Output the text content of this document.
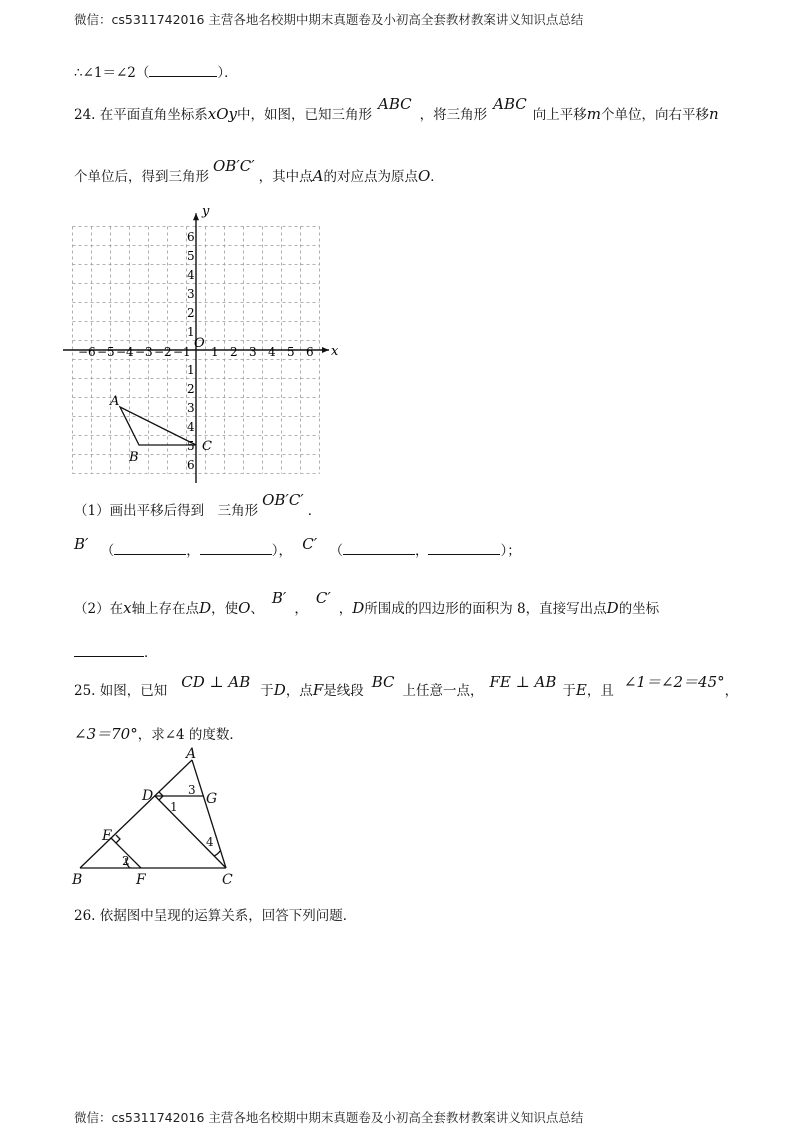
微信：cs5311742016 主营各地名校期中期末真题卷及小初高全套教材教案讲义知识点总结
∴∠1＝∠2（	）．
24. 在平面直角坐标系xOy中，如图，已知三角形ABC，将三角形ABC向上平移m个单位，向右平移n
个单位后，得到三角形OB′C′，其中点A的对应点为原点O．
−6 −5 −4 −3 −2 −1 1 2 3 4 5 6
6
5
4
3
2
1
1
2
3
4
5
6
A
B
C
O
x
y
（1）画出平移后得到　三角形OB′C′．
B′ （	，	）， C′ （	，	）；
（2）在x轴上存在点D，使O、B′，C′，D所围成的四边形的面积为 8，直接写出点D的坐标
．
25. 如图，已知 CD ⊥ AB 于D，点F是线段 BC 上任意一点， FE ⊥ AB 于E，且 ∠1＝∠2＝45°，
∠3＝70°，求∠4 的度数．
A
B	C
D
E
F
G
1
2
3
4
26. 依据图中呈现的运算关系，回答下列问题．
微信：cs5311742016 主营各地名校期中期末真题卷及小初高全套教材教案讲义知识点总结
